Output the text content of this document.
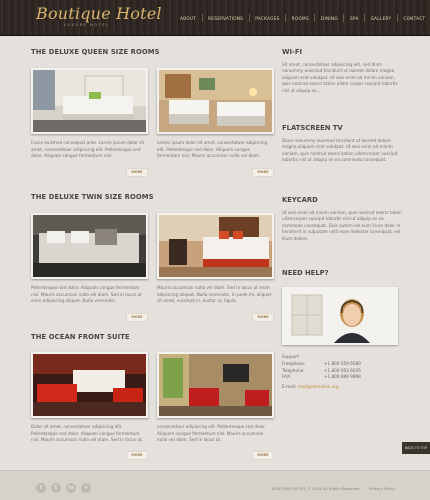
Boutique Hotel
LUXURY HOTEL
ABOUT	RESERVATIONS	PACKAGES	ROOMS	DINING	SPA	GALLERY	CONTACT
THE DELUXE QUEEN SIZE ROOMS
Fusce euismod consequat ante. Lorem ipsum dolor sit amet, consectetuer adipiscing elit. Pellentesque sed dolor. Aliquam congue fermentum nisl.
MORE
Lorem ipsum dolor sit amet, consectetuer adipiscing elit. Pellentesque sed dolor. Aliquam congue fermentum nisl. Mauris accumsan nulla vel diam.
MORE
THE DELUXE TWIN SIZE ROOMS
Pellentesque sed dolor. Aliquam congue fermentum nisl. Mauris accumsan nulla vel diam. Sed in lacus ut enim adipiscing aliquet. Nulla venenatis.
MORE
Mauris accumsan nulla vel diam. Sed in lacus ut enim adipiscing aliquet. Nulla venenatis. In pede mi, aliquet sit amet, euismod in, auctor ut, ligula.
MORE
THE OCEAN FRONT SUITE
Dolor sit amet, consectetuer adipiscing elit. Pellentesque sed dolor. Aliquam congue fermentum nisl. Mauris accumsan nulla vel diam. Sed in lacus ut.
MORE
consectetuer adipiscing elit. Pellentesque sed dolor. Aliquam congue fermentum nisl. Mauris accumsan nulla vel diam. Sed in lacus ut.
MORE
WI-FI
Sit amet, consectetuer adipiscing elit, sed diam nonummy euismod tincidunt ut laoreet dolore magna aliquam erat volutpat. Ut wisi enim ad minim veniam, quis nostrud exerci tation ullam corper suscipit lobortis nisl ut aliquip ex ...
FLATSCREEN TV
Diam nonummy euismod tincidunt ut laoreet dolore magna aliquam erat volutpat. Ut wisi enim ad minim veniam, quis nostrud exerci tation ullamcorper suscipit lobortis nisl ut aliquip ex ea commodo consequat.
KEYCARD
Ut wisi enim ad minim veniam, quis nostrud exerci tation ullamcorper suscipit lobortis nisl ut aliquip ex ea commodo consequat. Duis autem vel eum iriure dolor in hendrerit in vulputate velit esse molestie consequat, vel illum dolore.
NEED HELP?
Support:
Freephone:	+1 800 559 6580
Telephone:	+1 800 603 6035
FAX:	+1 800 889 9898
E-mail: mail@demolink.org
BACK TO TOP
f	t	in	+	BOUTIQUE HOTEL © 2012 All Rights Reserved Privacy Policy
